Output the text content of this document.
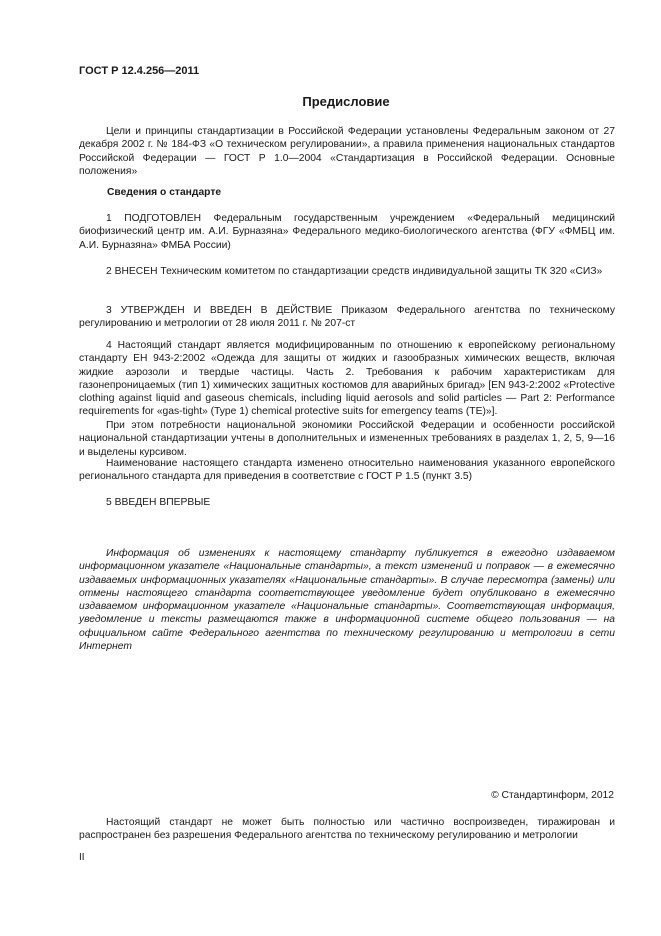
ГОСТ Р 12.4.256—2011
Предисловие
Цели и принципы стандартизации в Российской Федерации установлены Федеральным законом от 27 декабря 2002 г. № 184-ФЗ «О техническом регулировании», а правила применения национальных стандартов Российской Федерации — ГОСТ Р 1.0—2004 «Стандартизация в Российской Федерации. Основные положения»
Сведения о стандарте
1 ПОДГОТОВЛЕН Федеральным государственным учреждением «Федеральный медицинский биофизический центр им. А.И. Бурназяна» Федерального медико-биологического агентства (ФГУ «ФМБЦ им. А.И. Бурназяна» ФМБА России)
2 ВНЕСЕН Техническим комитетом по стандартизации средств индивидуальной защиты ТК 320 «СИЗ»
3 УТВЕРЖДЕН И ВВЕДЕН В ДЕЙСТВИЕ Приказом Федерального агентства по техническому регулированию и метрологии от 28 июля 2011 г. № 207-ст
4 Настоящий стандарт является модифицированным по отношению к европейскому региональному стандарту ЕН 943-2:2002 «Одежда для защиты от жидких и газообразных химических веществ, включая жидкие аэрозоли и твердые частицы. Часть 2. Требования к рабочим характеристикам для газонепроницаемых (тип 1) химических защитных костюмов для аварийных бригад» [EN 943-2:2002 «Protective clothing against liquid and gaseous chemicals, including liquid aerosols and solid particles — Part 2: Performance requirements for «gas-tight» (Type 1) chemical protective suits for emergency teams (TE)»].
При этом потребности национальной экономики Российской Федерации и особенности российской национальной стандартизации учтены в дополнительных и измененных требованиях в разделах 1, 2, 5, 9—16 и выделены курсивом.
Наименование настоящего стандарта изменено относительно наименования указанного европейского регионального стандарта для приведения в соответствие с ГОСТ Р 1.5 (пункт 3.5)
5 ВВЕДЕН ВПЕРВЫЕ
Информация об изменениях к настоящему стандарту публикуется в ежегодно издаваемом информационном указателе «Национальные стандарты», а текст изменений и поправок — в ежемесячно издаваемых информационных указателях «Национальные стандарты». В случае пересмотра (замены) или отмены настоящего стандарта соответствующее уведомление будет опубликовано в ежемесячно издаваемом информационном указателе «Национальные стандарты». Соответствующая информация, уведомление и тексты размещаются также в информационной системе общего пользования — на официальном сайте Федерального агентства по техническому регулированию и метрологии в сети Интернет
© Стандартинформ, 2012
Настоящий стандарт не может быть полностью или частично воспроизведен, тиражирован и распространен без разрешения Федерального агентства по техническому регулированию и метрологии
II
